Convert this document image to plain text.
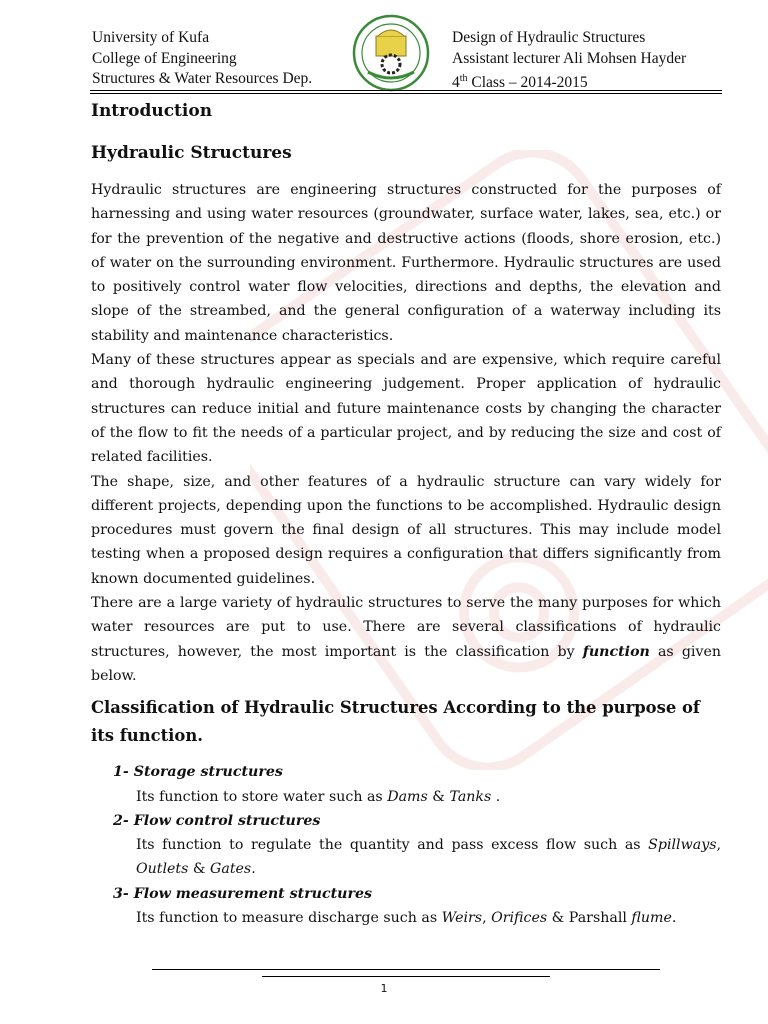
University of Kufa
College of Engineering
Structures & Water Resources Dep.
Design of Hydraulic Structures
Assistant lecturer Ali Mohsen Hayder
4th Class – 2014-2015
Introduction
Hydraulic Structures

Hydraulic structures are engineering structures constructed for the purposes of harnessing and using water resources (groundwater, surface water, lakes, sea, etc.) or for the prevention of the negative and destructive actions (floods, shore erosion, etc.) of water on the surrounding environment. Furthermore. Hydraulic structures are used to positively control water flow velocities, directions and depths, the elevation and slope of the streambed, and the general configuration of a waterway including its stability and maintenance characteristics.

Many of these structures appear as specials and are expensive, which require careful and thorough hydraulic engineering judgement. Proper application of hydraulic structures can reduce initial and future maintenance costs by changing the character of the flow to fit the needs of a particular project, and by reducing the size and cost of related facilities.

The shape, size, and other features of a hydraulic structure can vary widely for different projects, depending upon the functions to be accomplished. Hydraulic design procedures must govern the final design of all structures. This may include model testing when a proposed design requires a configuration that differs significantly from known documented guidelines.

There are a large variety of hydraulic structures to serve the many purposes for which water resources are put to use. There are several classifications of hydraulic structures, however, the most important is the classification by function as given below.

Classification of Hydraulic Structures According to the purpose of its function.
1- Storage structures
Its function to store water such as Dams & Tanks .
2- Flow control structures
Its function to regulate the quantity and pass excess flow such as Spillways, Outlets & Gates.
3- Flow measurement structures
Its function to measure discharge such as Weirs, Orifices & Parshall flume.
1
